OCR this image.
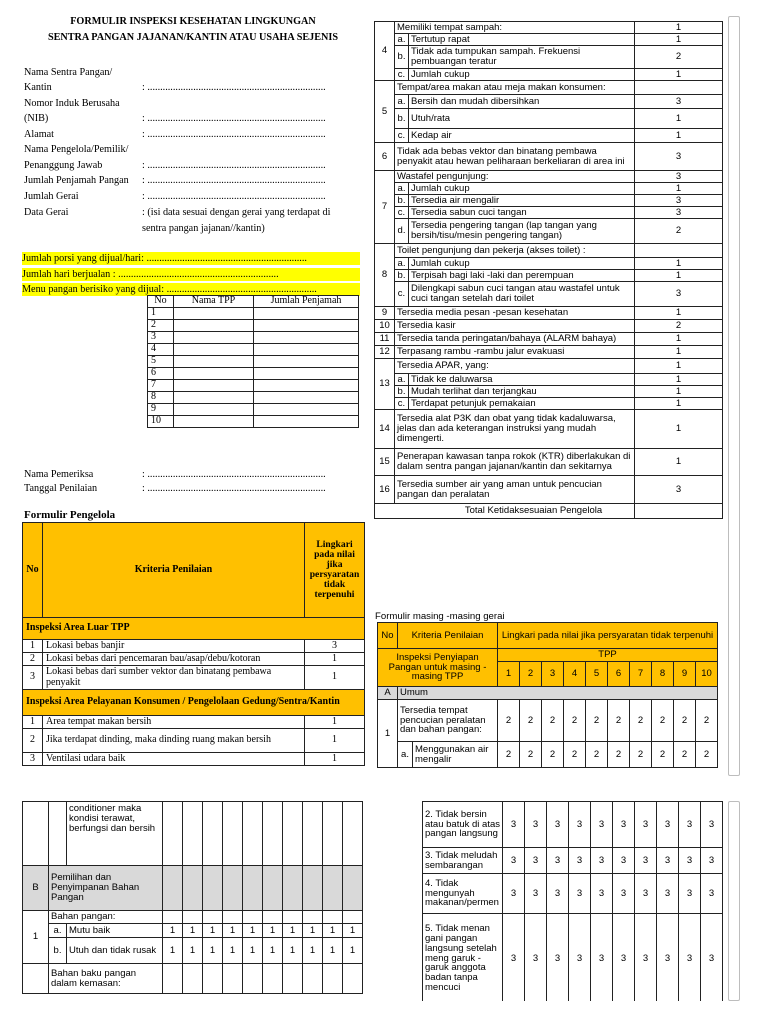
FORMULIR INSPEKSI KESEHATAN LINGKUNGAN
SENTRA PANGAN JAJANAN/KANTIN ATAU USAHA SEJENIS
Nama Sentra Pangan/
Kantin	: ......................................................................
Nomor Induk Berusaha
(NIB)	: ......................................................................
Alamat	: ......................................................................
Nama Pengelola/Pemilik/
Penanggung Jawab	: ......................................................................
Jumlah Penjamah Pangan	: ......................................................................
Jumlah Gerai	: ......................................................................
Data Gerai	: (isi data sesuai dengan gerai yang terdapat di
sentra pangan jajanan//kantin)
Jumlah porsi yang dijual/hari: ...............................................................
Jumlah hari berjualan : ...............................................................
Menu pangan berisiko yang dijual: ...........................................................
No	Nama TPP	Jumlah Penjamah
1		
2		
3		
4		
5		
6		
7		
8		
9		
10		
Nama Pemeriksa	: ......................................................................
Tanggal Penilaian	: ......................................................................
Formulir Pengelola
No	Kriteria Penilaian	Lingkari pada nilai jika persyaratan tidak terpenuhi
Inspeksi Area Luar TPP		
1	Lokasi bebas banjir	3
2	Lokasi bebas dari pencemaran bau/asap/debu/kotoran	1
3	Lokasi bebas dari sumber vektor dan binatang pembawa penyakit	1
Inspeksi Area Pelayanan Konsumen / Pengelolaan Gedung/Sentra/Kantin		
1	Area tempat makan bersih	1
2	Jika terdapat dinding, maka dinding ruang makan bersih	1
3	Ventilasi udara baik	1
4	Memiliki tempat sampah:		1
	a.	Tertutup rapat	1
	b.	Tidak ada tumpukan sampah. Frekuensi pembuangan teratur	2
	c.	Jumlah cukup	1
5	Tempat/area makan atau meja makan konsumen:		
	a.	Bersih dan mudah dibersihkan	3
	b.	Utuh/rata	1
	c.	Kedap air	1
6	Tidak ada bebas vektor dan binatang pembawa penyakit atau hewan peliharaan berkeliaran di area ini		3
7	Wastafel pengunjung:		3
	a.	Jumlah cukup	1
	b.	Tersedia air mengalir	3
	c.	Tersedia sabun cuci tangan	3
	d.	Tersedia pengering tangan (lap tangan yang bersih/tisu/mesin pengering tangan)	2
8	Toilet pengunjung dan pekerja (akses toilet) :		
	a.	Jumlah cukup	1
	b.	Terpisah bagi laki -laki dan perempuan	1
	c.	Dilengkapi sabun cuci tangan atau wastafel untuk cuci tangan setelah dari toilet	3
9	Tersedia media pesan -pesan kesehatan		1
10	Tersedia kasir		2
11	Tersedia tanda peringatan/bahaya (ALARM bahaya)		1
12	Terpasang rambu -rambu jalur evakuasi		1
13	Tersedia APAR, yang:		1
	a.	Tidak ke daluwarsa	1
	b.	Mudah terlihat dan terjangkau	1
	c.	Terdapat petunjuk pemakaian	1
14	Tersedia alat P3K dan obat yang tidak kadaluwarsa, jelas dan ada keterangan instruksi yang mudah dimengerti.		1
15	Penerapan kawasan tanpa rokok (KTR) diberlakukan di dalam sentra pangan jajanan/kantin dan sekitarnya		1
16	Tersedia sumber air yang aman untuk pencucian pangan dan peralatan		3
Total Ketidaksesuaian Pengelola			
Formulir masing -masing gerai
No	Kriteria Penilaian		Lingkari pada nilai jika persyaratan tidak terpenuhi									
Inspeksi Penyiapan Pangan untuk masing -masing TPP			TPP									
			1	2	3	4	5	6	7	8	9	10
A	Umum											
1	Tersedia tempat pencucian peralatan dan bahan pangan:		2	2	2	2	2	2	2	2	2	2
	a.	Menggunakan air mengalir	2	2	2	2	2	2	2	2	2	2
		conditioner maka kondisi terawat, berfungsi dan bersih										
B	Pemilihan dan Penyimpanan Bahan Pangan											
1	Bahan pangan:											
	a.	Mutu baik	1	1	1	1	1	1	1	1	1	1
	b.	Utuh dan tidak rusak	1	1	1	1	1	1	1	1	1	1
	Bahan baku pangan dalam kemasan:											
2. Tidak bersin atau batuk di atas pangan langsung	3	3	3	3	3	3	3	3	3	3
3. Tidak meludah sembarangan	3	3	3	3	3	3	3	3	3	3
4. Tidak mengunyah makanan/permen	3	3	3	3	3	3	3	3	3	3
5. Tidak menan gani pangan langsung setelah meng garuk -garuk anggota badan tanpa mencuci	3	3	3	3	3	3	3	3	3	3
